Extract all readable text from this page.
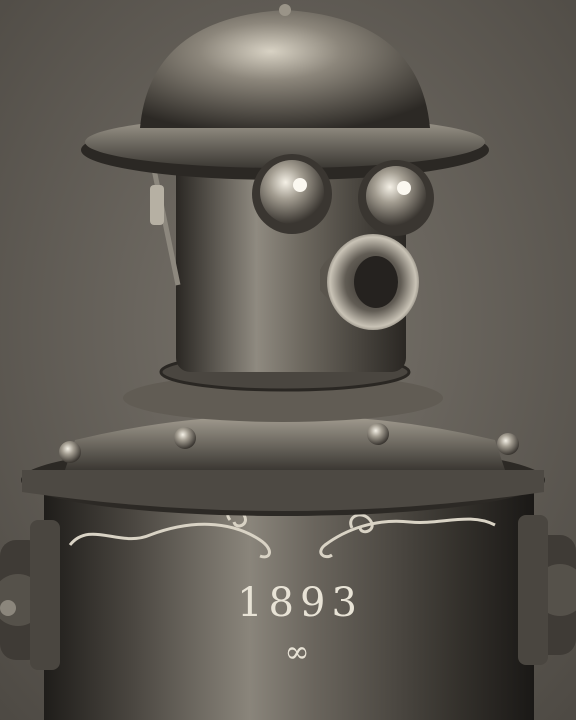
1893
∞
